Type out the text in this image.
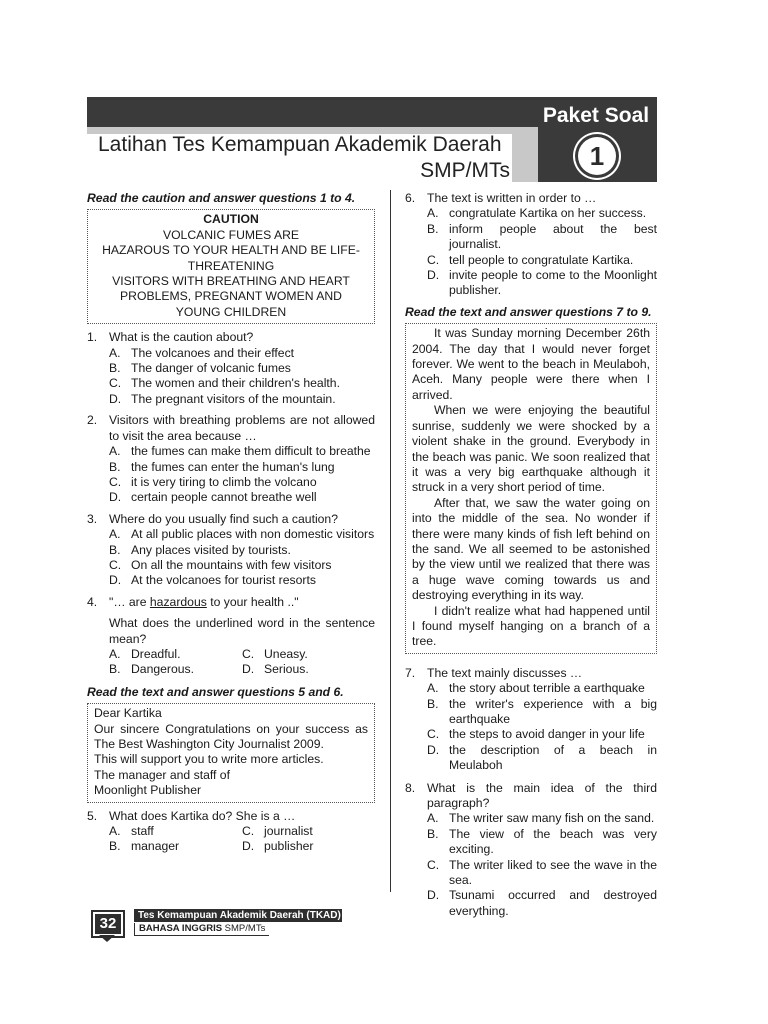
Paket Soal
1
Latihan Tes Kemampuan Akademik Daerah
SMP/MTs
Read the caution and answer questions 1 to 4.
CAUTION
VOLCANIC FUMES ARE
HAZAROUS TO YOUR HEALTH AND BE LIFE-THREATENING
VISITORS WITH BREATHING AND HEART PROBLEMS, PREGNANT WOMEN AND YOUNG CHILDREN
1. What is the caution about?
A. The volcanoes and their effect
B. The danger of volcanic fumes
C. The women and their children's health.
D. The pregnant visitors of the mountain.
2. Visitors with breathing problems are not allowed to visit the area because …
A. the fumes can make them difficult to breathe
B. the fumes can enter the human's lung
C. it is very tiring to climb the volcano
D. certain people cannot breathe well
3. Where do you usually find such a caution?
A. At all public places with non domestic visitors
B. Any places visited by tourists.
C. On all the mountains with few visitors
D. At the volcanoes for tourist resorts
4. "… are hazardous to your health .."
What does the underlined word in the sentence mean?
A. Dreadful.	C. Uneasy.
B. Dangerous.	D. Serious.
Read the text and answer questions 5 and 6.
Dear Kartika
Our sincere Congratulations on your success as The Best Washington City Journalist 2009.
This will support you to write more articles.
The manager and staff of
Moonlight Publisher
5. What does Kartika do? She is a …
A. staff	C. journalist
B. manager	D. publisher
6. The text is written in order to …
A. congratulate Kartika on her success.
B. inform people about the best journalist.
C. tell people to congratulate Kartika.
D. invite people to come to the Moonlight publisher.
Read the text and answer questions 7 to 9.

It was Sunday morning December 26th 2004. The day that I would never forget forever. We went to the beach in Meulaboh, Aceh. Many people were there when I arrived.

When we were enjoying the beautiful sunrise, suddenly we were shocked by a violent shake in the ground. Everybody in the beach was panic. We soon realized that it was a very big earthquake although it struck in a very short period of time.

After that, we saw the water going on into the middle of the sea. No wonder if there were many kinds of fish left behind on the sand. We all seemed to be astonished by the view until we realized that there was a huge wave coming towards us and destroying everything in its way.

I didn't realize what had happened until I found myself hanging on a branch of a tree.

7. The text mainly discusses …
A. the story about terrible a earthquake
B. the writer's experience with a big earthquake
C. the steps to avoid danger in your life
D. the description of a beach in Meulaboh
8. What is the main idea of the third paragraph?
A. The writer saw many fish on the sand.
B. The view of the beach was very exciting.
C. The writer liked to see the wave in the sea.
D. Tsunami occurred and destroyed everything.
32	Tes Kemampuan Akademik Daerah (TKAD)
BAHASA INGGRIS SMP/MTs
